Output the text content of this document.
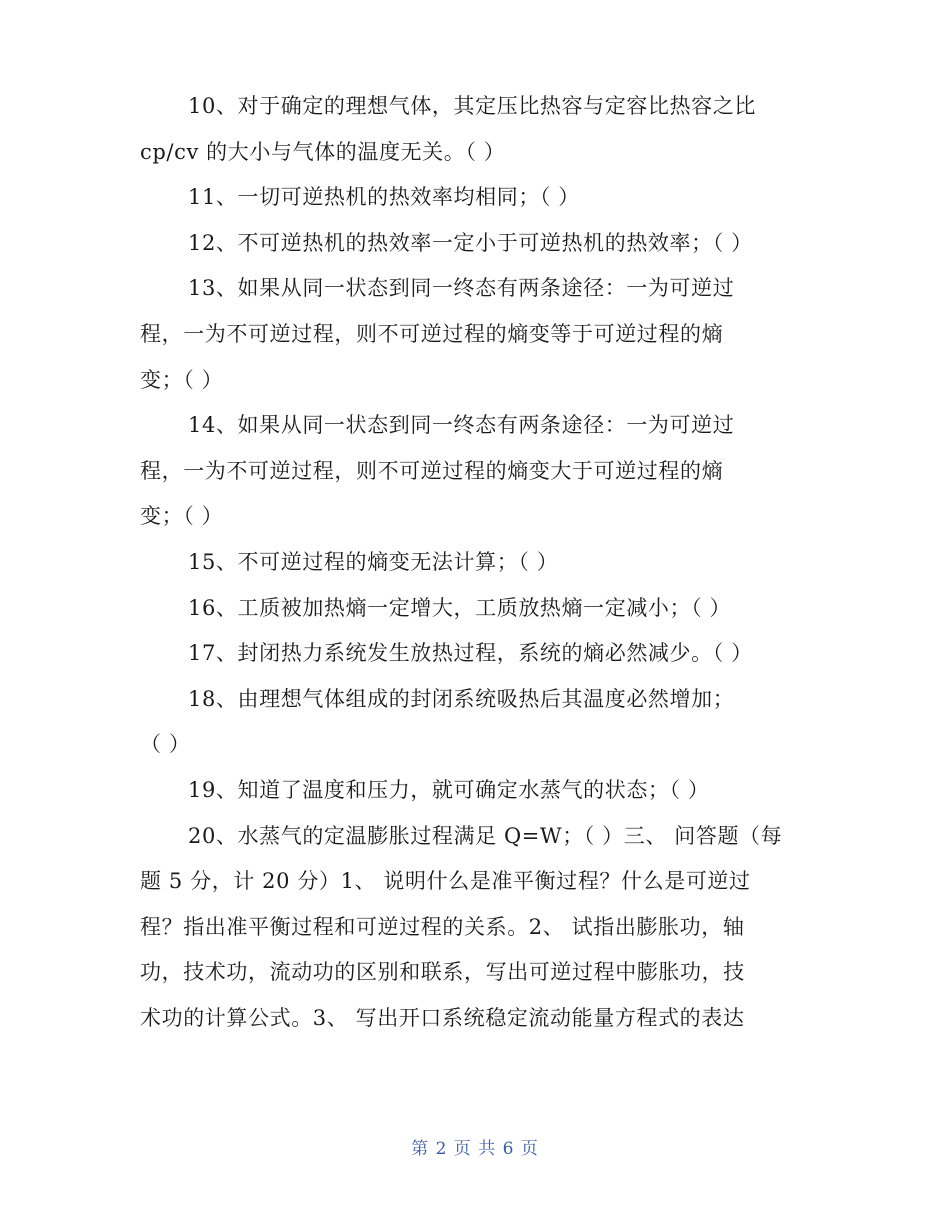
10、对于确定的理想气体，其定压比热容与定容比热容之比
cp/cv 的大小与气体的温度无关。（ ）
11、一切可逆热机的热效率均相同；（ ）
12、不可逆热机的热效率一定小于可逆热机的热效率；（ ）
13、如果从同一状态到同一终态有两条途径：一为可逆过
程，一为不可逆过程，则不可逆过程的熵变等于可逆过程的熵
变；（ ）
14、如果从同一状态到同一终态有两条途径：一为可逆过
程，一为不可逆过程，则不可逆过程的熵变大于可逆过程的熵
变；（ ）
15、不可逆过程的熵变无法计算；（ ）
16、工质被加热熵一定增大，工质放热熵一定减小；（ ）
17、封闭热力系统发生放热过程，系统的熵必然减少。（ ）
18、由理想气体组成的封闭系统吸热后其温度必然增加；
（ ）
19、知道了温度和压力，就可确定水蒸气的状态；（ ）
20、水蒸气的定温膨胀过程满足 Q=W；（ ）三、 问答题（每
题 5 分，计 20 分）1、 说明什么是准平衡过程？什么是可逆过
程？指出准平衡过程和可逆过程的关系。2、 试指出膨胀功，轴
功，技术功，流动功的区别和联系，写出可逆过程中膨胀功，技
术功的计算公式。3、 写出开口系统稳定流动能量方程式的表达
第 2 页 共 6 页
